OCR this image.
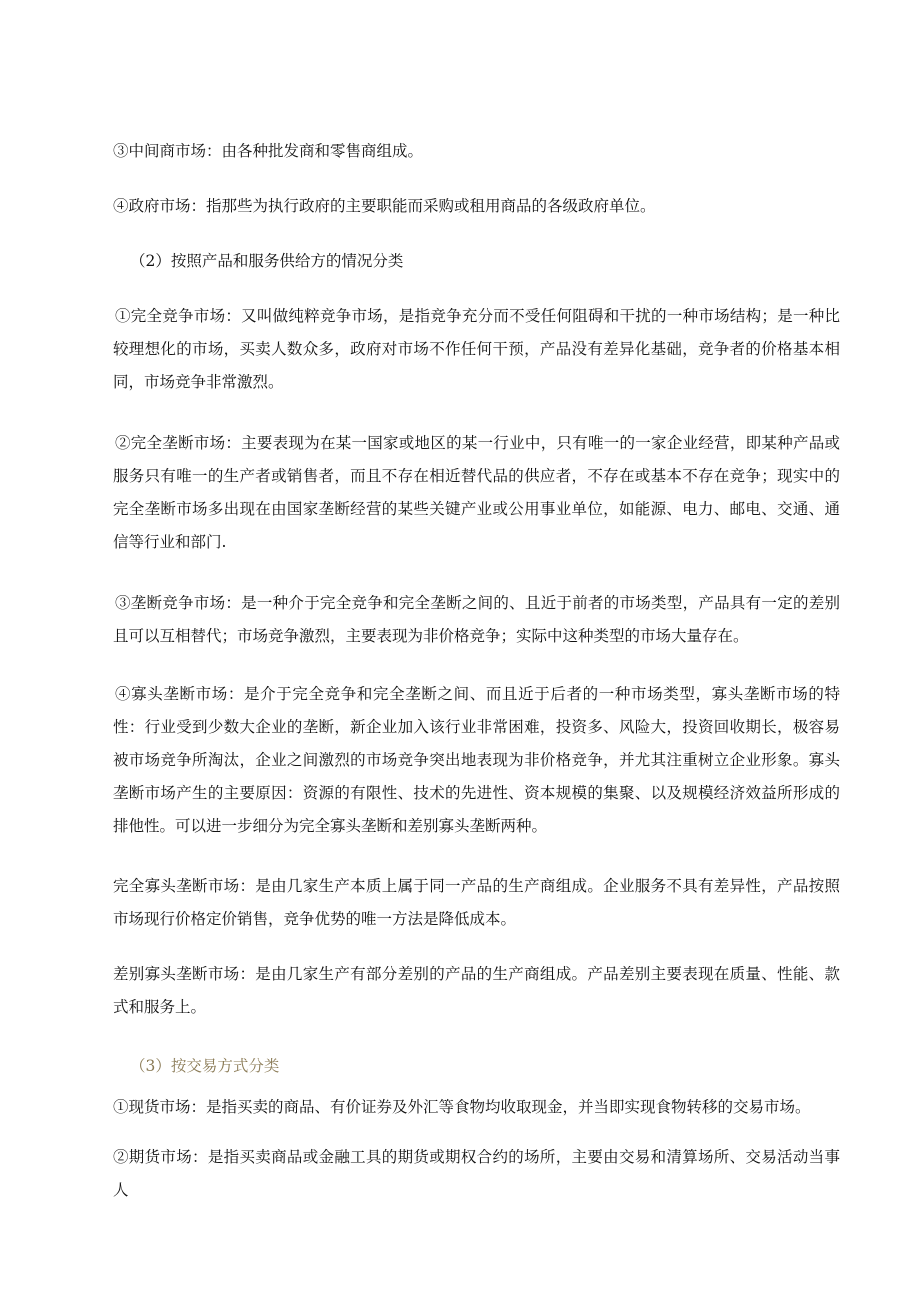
③中间商市场：由各种批发商和零售商组成。

④政府市场：指那些为执行政府的主要职能而采购或租用商品的各级政府单位。

（2）按照产品和服务供给方的情况分类

①完全竞争市场：又叫做纯粹竞争市场，是指竞争充分而不受任何阻碍和干扰的一种市场结构；是一种比较理想化的市场，买卖人数众多，政府对市场不作任何干预，产品没有差异化基础，竞争者的价格基本相同，市场竞争非常激烈。

②完全垄断市场：主要表现为在某一国家或地区的某一行业中，只有唯一的一家企业经营，即某种产品或服务只有唯一的生产者或销售者，而且不存在相近替代品的供应者，不存在或基本不存在竞争；现实中的完全垄断市场多出现在由国家垄断经营的某些关键产业或公用事业单位，如能源、电力、邮电、交通、通信等行业和部门.

③垄断竞争市场：是一种介于完全竞争和完全垄断之间的、且近于前者的市场类型，产品具有一定的差别且可以互相替代；市场竞争激烈，主要表现为非价格竞争；实际中这种类型的市场大量存在。

④寡头垄断市场：是介于完全竞争和完全垄断之间、而且近于后者的一种市场类型，寡头垄断市场的特性：行业受到少数大企业的垄断，新企业加入该行业非常困难，投资多、风险大，投资回收期长，极容易被市场竞争所淘汰，企业之间激烈的市场竞争突出地表现为非价格竞争，并尤其注重树立企业形象。寡头垄断市场产生的主要原因：资源的有限性、技术的先进性、资本规模的集聚、以及规模经济效益所形成的排他性。可以进一步细分为完全寡头垄断和差别寡头垄断两种。

完全寡头垄断市场：是由几家生产本质上属于同一产品的生产商组成。企业服务不具有差异性，产品按照市场现行价格定价销售，竞争优势的唯一方法是降低成本。

差别寡头垄断市场：是由几家生产有部分差别的产品的生产商组成。产品差别主要表现在质量、性能、款式和服务上。

（3）按交易方式分类

①现货市场：是指买卖的商品、有价证券及外汇等食物均收取现金，并当即实现食物转移的交易市场。

②期货市场：是指买卖商品或金融工具的期货或期权合约的场所，主要由交易和清算场所、交易活动当事人
